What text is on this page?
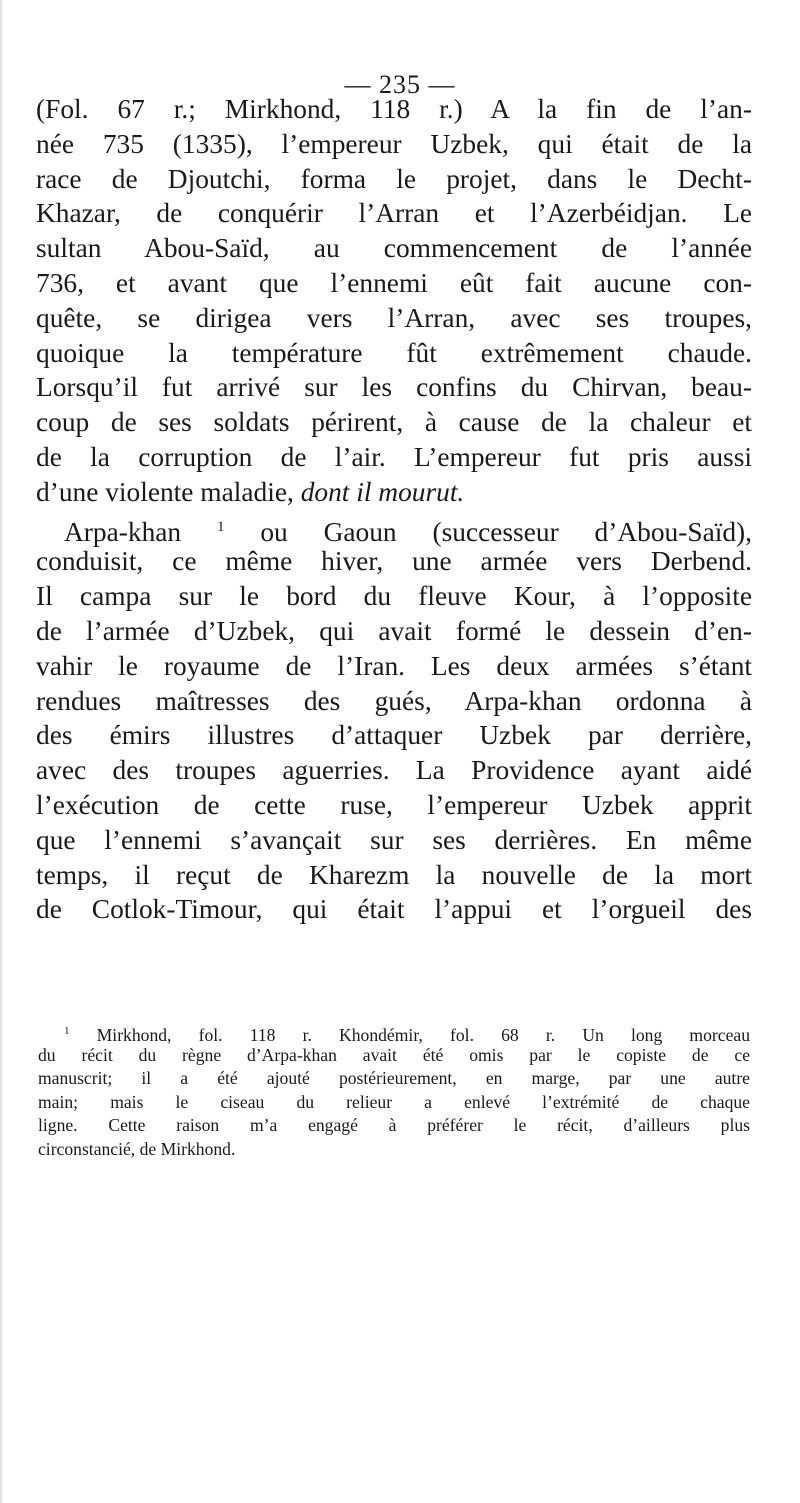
— 235 —
(Fol. 67 r.; Mirkhond, 118 r.) A la fin de l’an-
née 735 (1335), l’empereur Uzbek, qui était de la
race de Djoutchi, forma le projet, dans le Decht-
Khazar, de conquérir l’Arran et l’Azerbéidjan. Le
sultan Abou-Saïd, au commencement de l’année
736, et avant que l’ennemi eût fait aucune con-
quête, se dirigea vers l’Arran, avec ses troupes,
quoique la température fût extrêmement chaude.
Lorsqu’il fut arrivé sur les confins du Chirvan, beau-
coup de ses soldats périrent, à cause de la chaleur et
de la corruption de l’air. L’empereur fut pris aussi
d’une violente maladie, dont il mourut.
Arpa-khan $^1$ ou Gaoun (successeur d’Abou-Saïd),
conduisit, ce même hiver, une armée vers Derbend.
Il campa sur le bord du fleuve Kour, à l’opposite
de l’armée d’Uzbek, qui avait formé le dessein d’en-
vahir le royaume de l’Iran. Les deux armées s’étant
rendues maîtresses des gués, Arpa-khan ordonna à
des émirs illustres d’attaquer Uzbek par derrière,
avec des troupes aguerries. La Providence ayant aidé
l’exécution de cette ruse, l’empereur Uzbek apprit
que l’ennemi s’avançait sur ses derrières. En même
temps, il reçut de Kharezm la nouvelle de la mort
de Cotlok-Timour, qui était l’appui et l’orgueil des
$^1$ Mirkhond, fol. 118 r. Khondémir, fol. 68 r. Un long morceau
du récit du règne d’Arpa-khan avait été omis par le copiste de ce
manuscrit; il a été ajouté postérieurement, en marge, par une autre
main; mais le ciseau du relieur a enlevé l’extrémité de chaque
ligne. Cette raison m’a engagé à préférer le récit, d’ailleurs plus
circonstancié, de Mirkhond.
